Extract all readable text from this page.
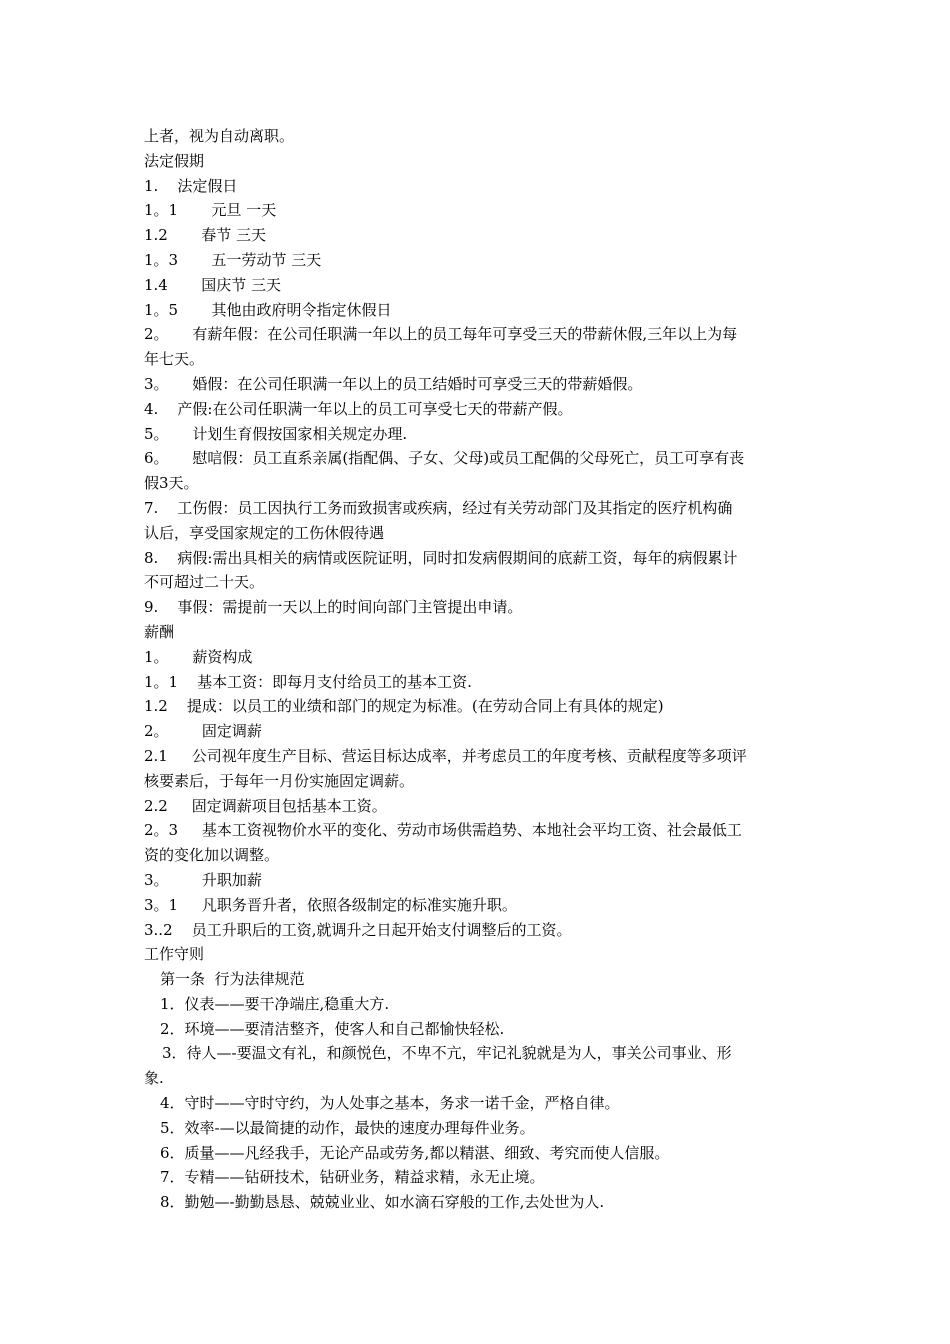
上者，视为自动离职。

法定假期

1.    法定假日

1。1       元旦 一天

1.2       春节 三天

1。3       五一劳动节 三天

1.4       国庆节 三天

1。5       其他由政府明令指定休假日

2。     有薪年假：在公司任职满一年以上的员工每年可享受三天的带薪休假,三年以上为每

年七天。

3。     婚假：在公司任职满一年以上的员工结婚时可享受三天的带薪婚假。

4.    产假:在公司任职满一年以上的员工可享受七天的带薪产假。

5。     计划生育假按国家相关规定办理.

6。     慰唁假：员工直系亲属(指配偶、子女、父母)或员工配偶的父母死亡，员工可享有丧

假3天。

7.    工伤假：员工因执行工务而致损害或疾病，经过有关劳动部门及其指定的医疗机构确

认后，享受国家规定的工伤休假待遇

8.    病假:需出具相关的病情或医院证明，同时扣发病假期间的底薪工资，每年的病假累计

不可超过二十天。

9.    事假：需提前一天以上的时间向部门主管提出申请。

薪酬

1。     薪资构成

1。1    基本工资：即每月支付给员工的基本工资.

1.2    提成：以员工的业绩和部门的规定为标准。(在劳动合同上有具体的规定)

2。       固定调薪

2.1     公司视年度生产目标、营运目标达成率，并考虑员工的年度考核、贡献程度等多项评

核要素后，于每年一月份实施固定调薪。

2.2     固定调薪项目包括基本工资。

2。3     基本工资视物价水平的变化、劳动市场供需趋势、本地社会平均工资、社会最低工

资的变化加以调整。

3。       升职加薪

3。1     凡职务晋升者，依照各级制定的标准实施升职。

3..2    员工升职后的工资,就调升之日起开始支付调整后的工资。

工作守则

第一条  行为法律规范

1．仪表——要干净端庄,稳重大方.

2．环境——要清洁整齐，使客人和自己都愉快轻松.

3．待人—-要温文有礼，和颜悦色，不卑不亢，牢记礼貌就是为人，事关公司事业、形

象.

4．守时——守时守约，为人处事之基本，务求一诺千金，严格自律。

5．效率-—以最简捷的动作，最快的速度办理每件业务。

6．质量——凡经我手，无论产品或劳务,都以精湛、细致、考究而使人信服。

7．专精——钻研技术，钻研业务，精益求精，永无止境。

8．勤勉—-勤勤恳恳、兢兢业业、如水滴石穿般的工作,去处世为人.
